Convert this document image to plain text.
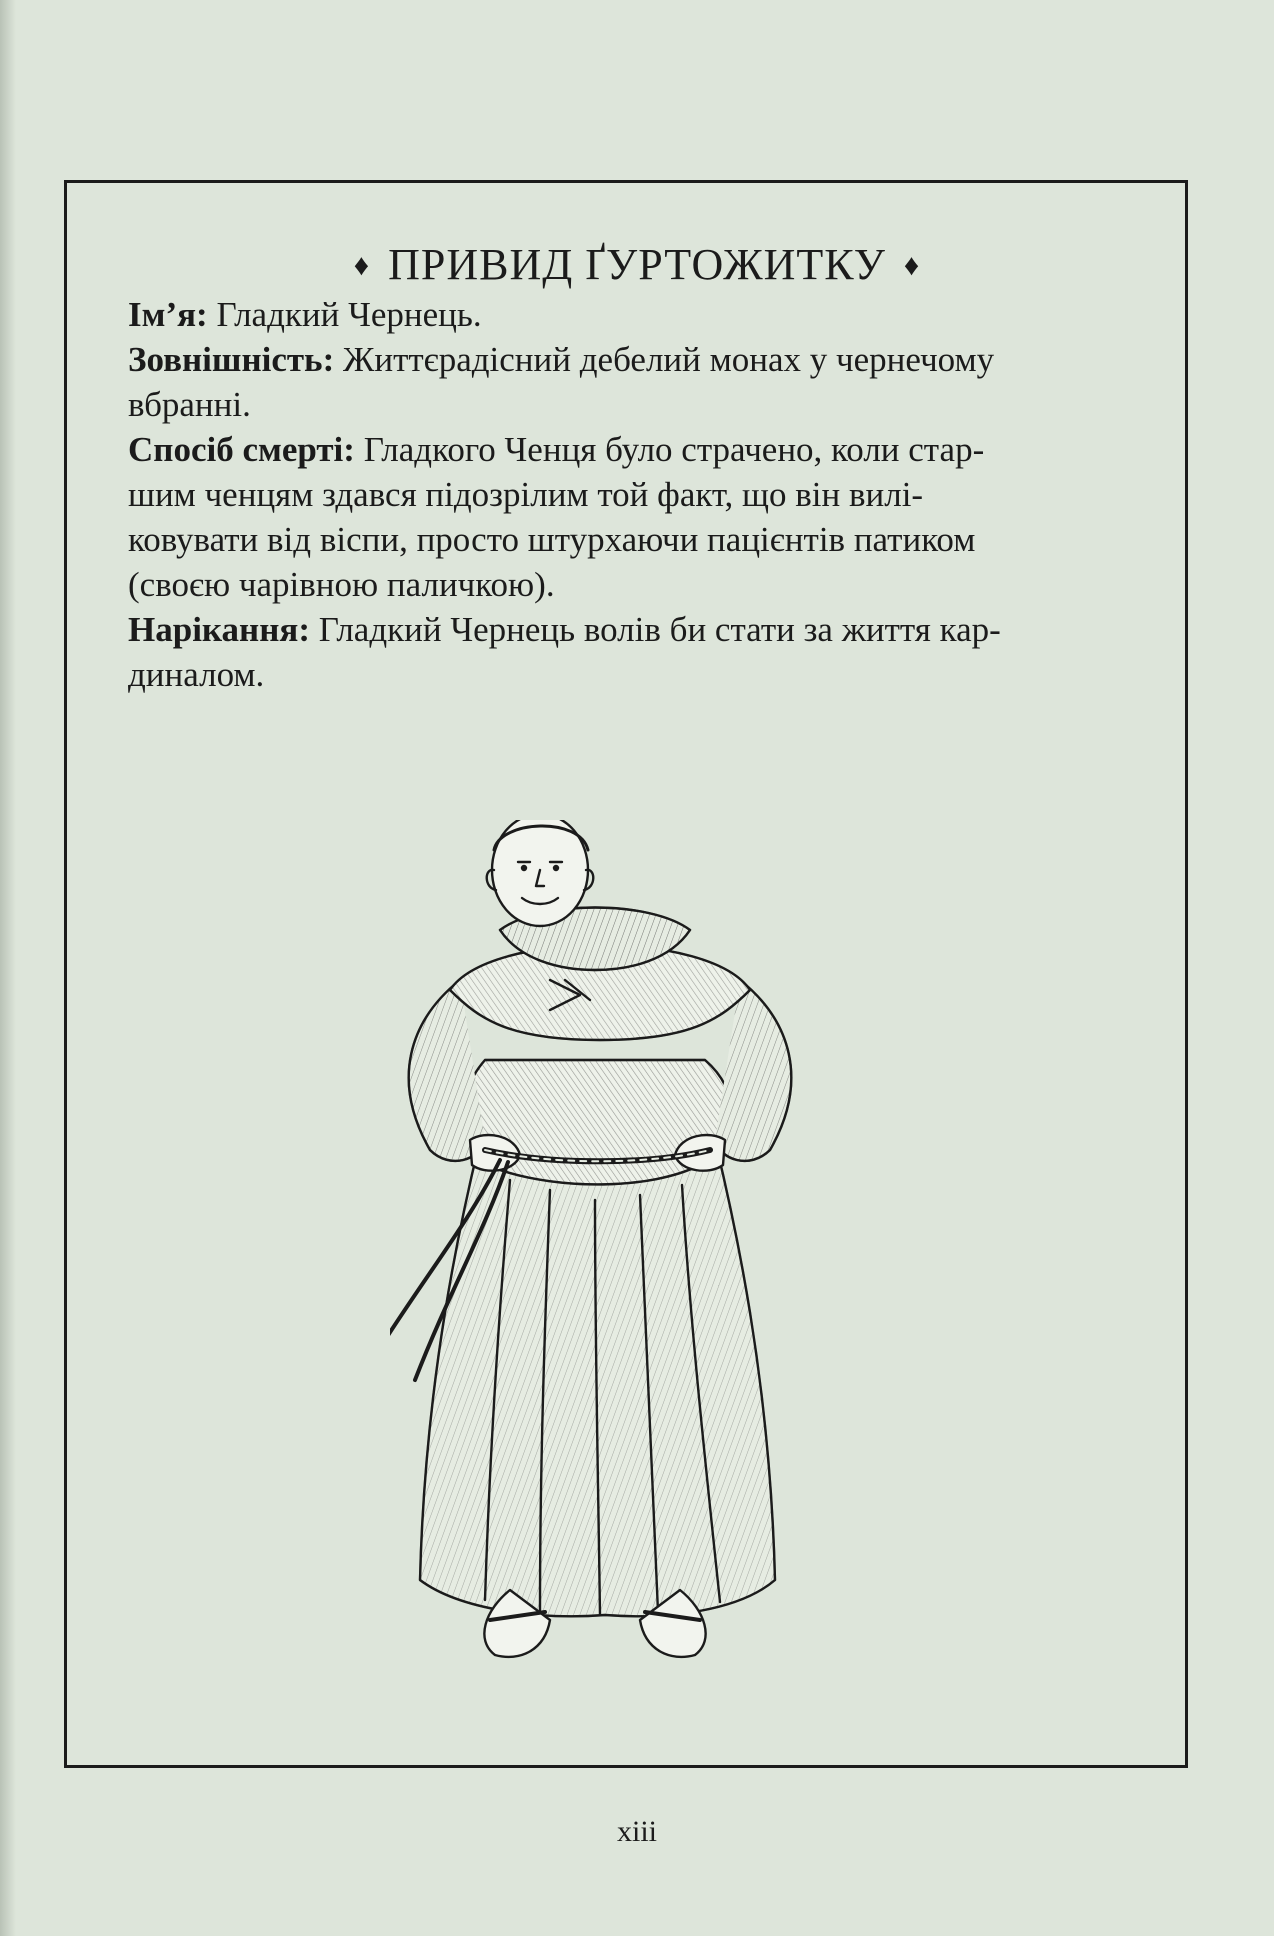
♦ ПРИВИД ҐУРТОЖИТКУ ♦

Ім’я: Гладкий Чернець.

Зовнішність: Життєрадісний дебелий монах у чернечому
вбранні.

Спосіб смерті: Гладкого Ченця було страчено, коли стар-
шим ченцям здався підозрілим той факт, що він вилі-
ковувати від віспи, просто штурхаючи пацієнтів патиком
(своєю чарівною паличкою).

Нарікання: Гладкий Чернець волів би стати за життя кар-
диналом.

xiii
